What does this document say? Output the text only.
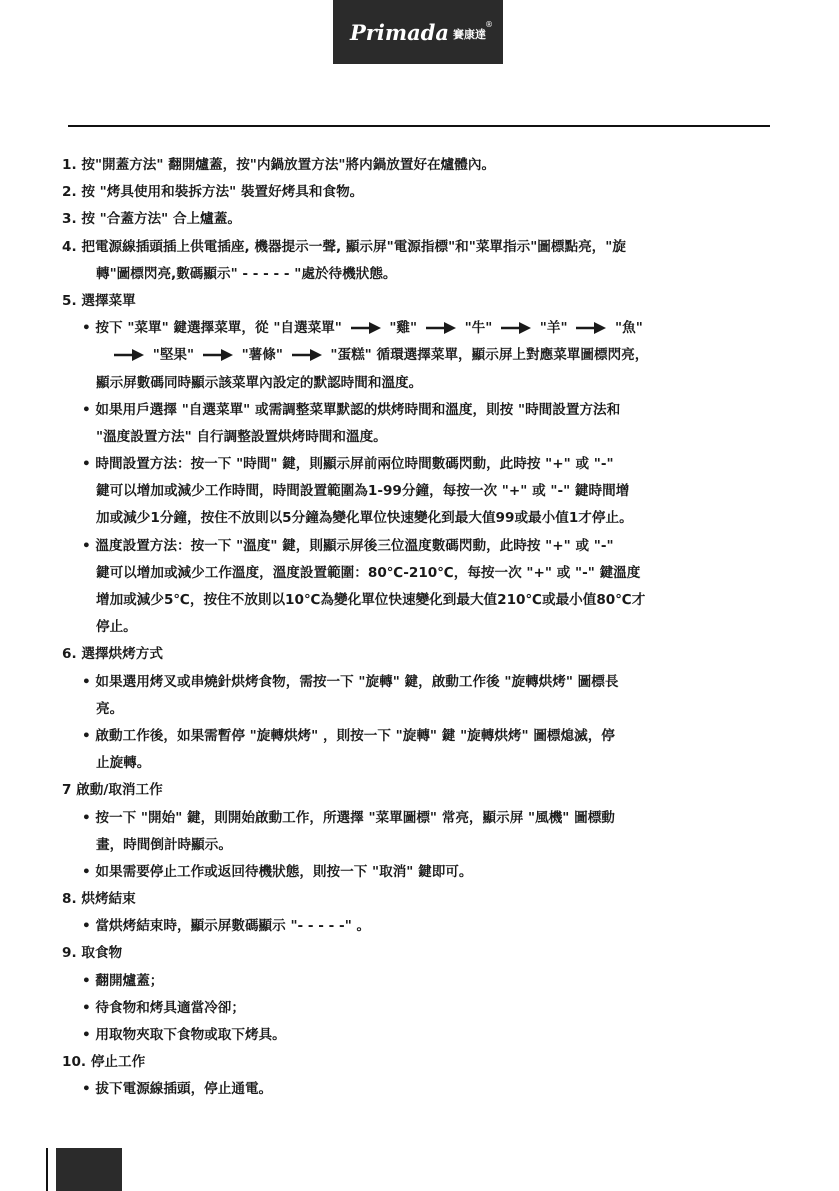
Primada 賽康達
®
1. 按"開蓋方法" 翻開爐蓋，按"内鍋放置方法"將内鍋放置好在爐體內。
2. 按 "烤具使用和裝拆方法" 裝置好烤具和食物。
3. 按 "合蓋方法" 合上爐蓋。
4. 把電源線插頭插上供電插座, 機器提示一聲, 顯示屏"電源指標"和"菜單指示"圖標點亮，"旋
轉"圖標閃亮,數碼顯示" - - - - - "處於待機狀態。
5. 選擇菜單
• 按下 "菜單" 鍵選擇菜單，從 "自選菜單"	"雞"	"牛"	"羊"	"魚"
"堅果"	"薯條"	"蛋糕" 循環選擇菜單，顯示屏上對應菜單圖標閃亮，
顯示屏數碼同時顯示該菜單內設定的默認時間和溫度。
• 如果用戶選擇 "自選菜單" 或需調整菜單默認的烘烤時間和溫度，則按 "時間設置方法和
"溫度設置方法" 自行調整設置烘烤時間和溫度。
• 時間設置方法：按一下 "時間" 鍵，則顯示屏前兩位時間數碼閃動，此時按 "+" 或 "-"
鍵可以增加或減少工作時間，時間設置範圍為1-99分鐘，每按一次 "+" 或 "-" 鍵時間增
加或減少1分鐘，按住不放則以5分鐘為變化單位快速變化到最大值99或最小值1才停止。
• 溫度設置方法：按一下 "溫度" 鍵，則顯示屏後三位溫度數碼閃動，此時按 "+" 或 "-"
鍵可以增加或減少工作溫度，溫度設置範圍：80℃-210℃，每按一次 "+" 或 "-" 鍵溫度
增加或減少5℃，按住不放則以10℃為變化單位快速變化到最大值210℃或最小值80℃才
停止。
6. 選擇烘烤方式
• 如果選用烤叉或串燒針烘烤食物，需按一下 "旋轉" 鍵，啟動工作後 "旋轉烘烤" 圖標長
亮。
• 啟動工作後，如果需暫停 "旋轉烘烤" ，則按一下 "旋轉" 鍵 "旋轉烘烤" 圖標熄滅，停
止旋轉。
7 啟動/取消工作
• 按一下 "開始" 鍵，則開始啟動工作，所選擇 "菜單圖標" 常亮，顯示屏 "風機" 圖標動
畫，時間倒計時顯示。
• 如果需要停止工作或返回待機狀態，則按一下 "取消" 鍵即可。
8. 烘烤結束
• 當烘烤結束時，顯示屏數碼顯示 "- - - - -" 。
9. 取食物
• 翻開爐蓋；
• 待食物和烤具適當冷卻；
• 用取物夾取下食物或取下烤具。
10. 停止工作
• 拔下電源線插頭，停止通電。
